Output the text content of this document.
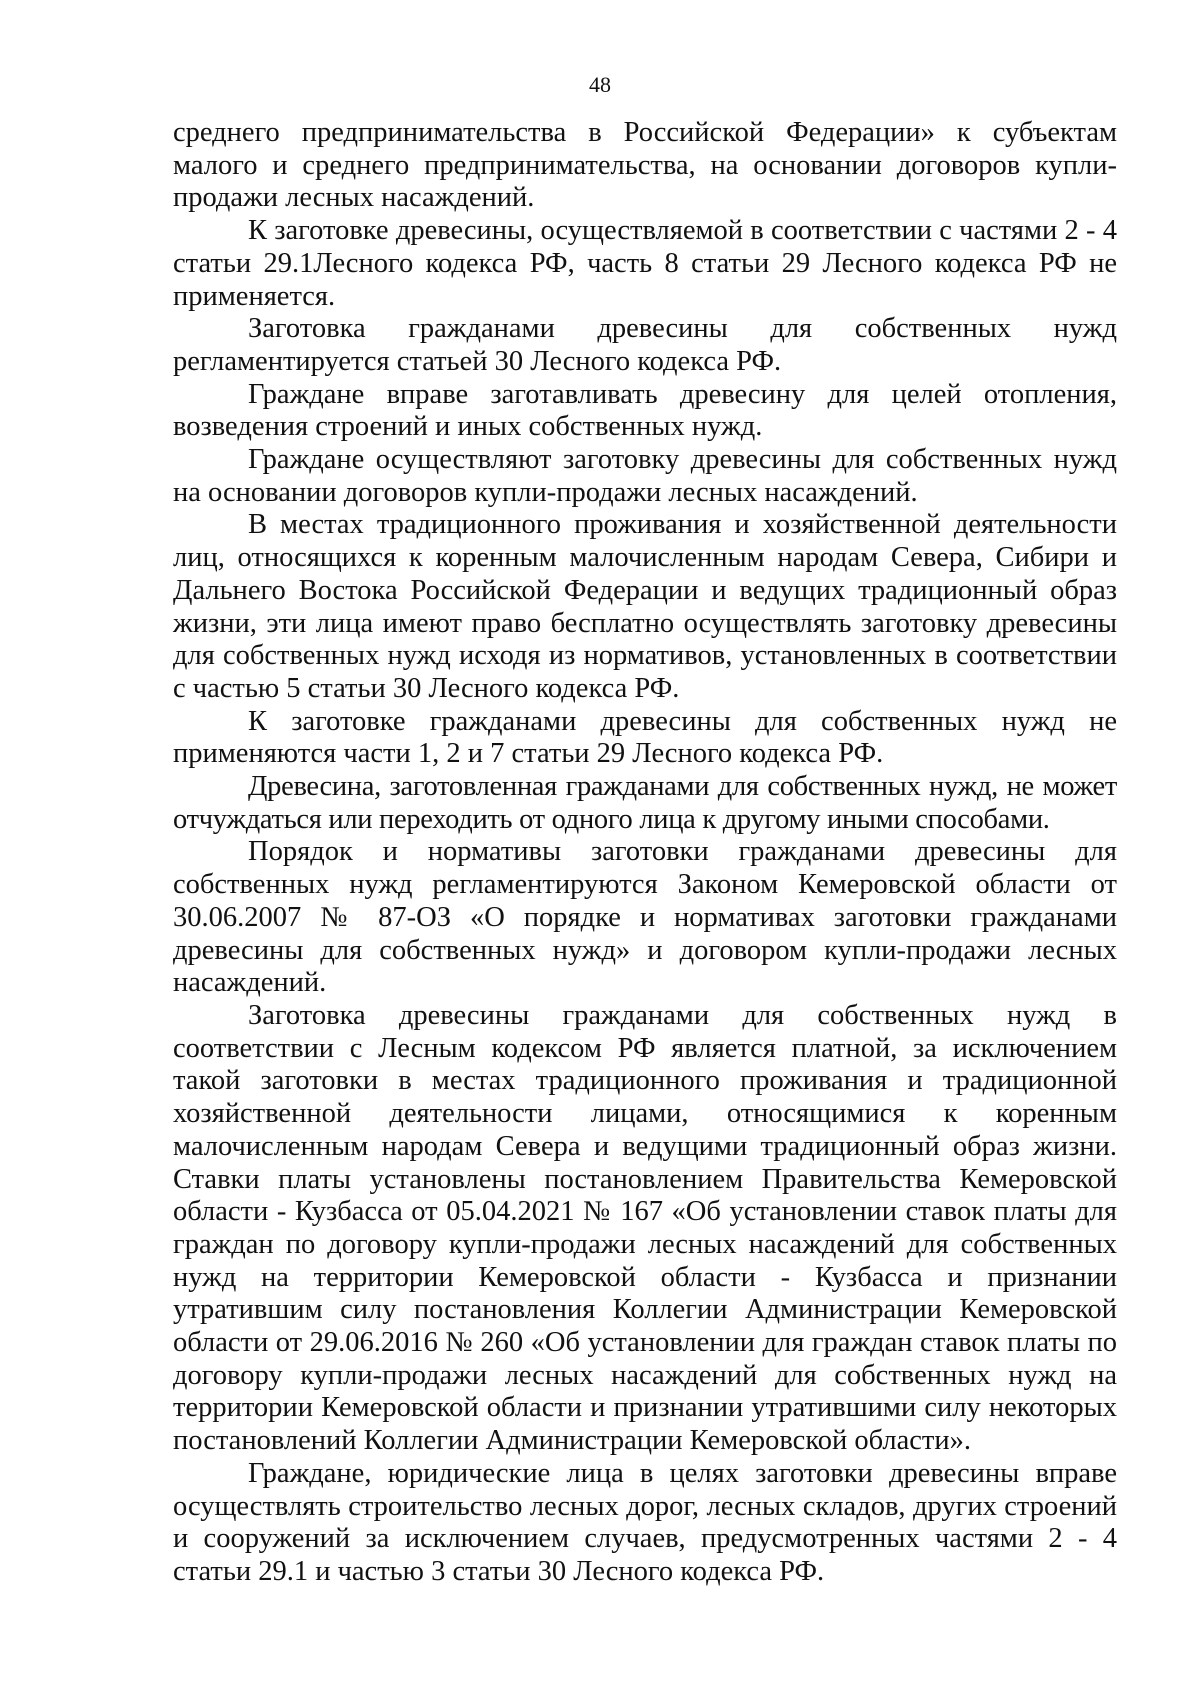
48

среднего предпринимательства в Российской Федерации» к субъектам малого и среднего предпринимательства, на основании договоров купли-продажи лесных насаждений.

К заготовке древесины, осуществляемой в соответствии с частями 2 - 4 статьи 29.1Лесного кодекса РФ, часть 8 статьи 29 Лесного кодекса РФ не применяется.

Заготовка гражданами древесины для собственных нужд регламентируется статьей 30 Лесного кодекса РФ.

Граждане вправе заготавливать древесину для целей отопления, возведения строений и иных собственных нужд.

Граждане осуществляют заготовку древесины для собственных нужд на основании договоров купли-продажи лесных насаждений.

В местах традиционного проживания и хозяйственной деятельности лиц, относящихся к коренным малочисленным народам Севера, Сибири и Дальнего Востока Российской Федерации и ведущих традиционный образ жизни, эти лица имеют право бесплатно осуществлять заготовку древесины для собственных нужд исходя из нормативов, установленных в соответствии с частью 5 статьи 30 Лесного кодекса РФ.

К заготовке гражданами древесины для собственных нужд не применяются части 1, 2 и 7 статьи 29 Лесного кодекса РФ.

Древесина, заготовленная гражданами для собственных нужд, не может отчуждаться или переходить от одного лица к другому иными способами.

Порядок и нормативы заготовки гражданами древесины для собственных нужд регламентируются Законом Кемеровской области от 30.06.2007 № 87-ОЗ «О порядке и нормативах заготовки гражданами древесины для собственных нужд» и договором купли-продажи лесных насаждений.

Заготовка древесины гражданами для собственных нужд в соответствии с Лесным кодексом РФ является платной, за исключением такой заготовки в местах традиционного проживания и традиционной хозяйственной деятельности лицами, относящимися к коренным малочисленным народам Севера и ведущими традиционный образ жизни. Ставки платы установлены постановлением Правительства Кемеровской области - Кузбасса от 05.04.2021 № 167 «Об установлении ставок платы для граждан по договору купли-продажи лесных насаждений для собственных нужд на территории Кемеровской области - Кузбасса и признании утратившим силу постановления Коллегии Администрации Кемеровской области от 29.06.2016 № 260 «Об установлении для граждан ставок платы по договору купли-продажи лесных насаждений для собственных нужд на территории Кемеровской области и признании утратившими силу некоторых постановлений Коллегии Администрации Кемеровской области».

Граждане, юридические лица в целях заготовки древесины вправе осуществлять строительство лесных дорог, лесных складов, других строений и сооружений за исключением случаев, предусмотренных частями 2 - 4 статьи 29.1 и частью 3 статьи 30 Лесного кодекса РФ.
